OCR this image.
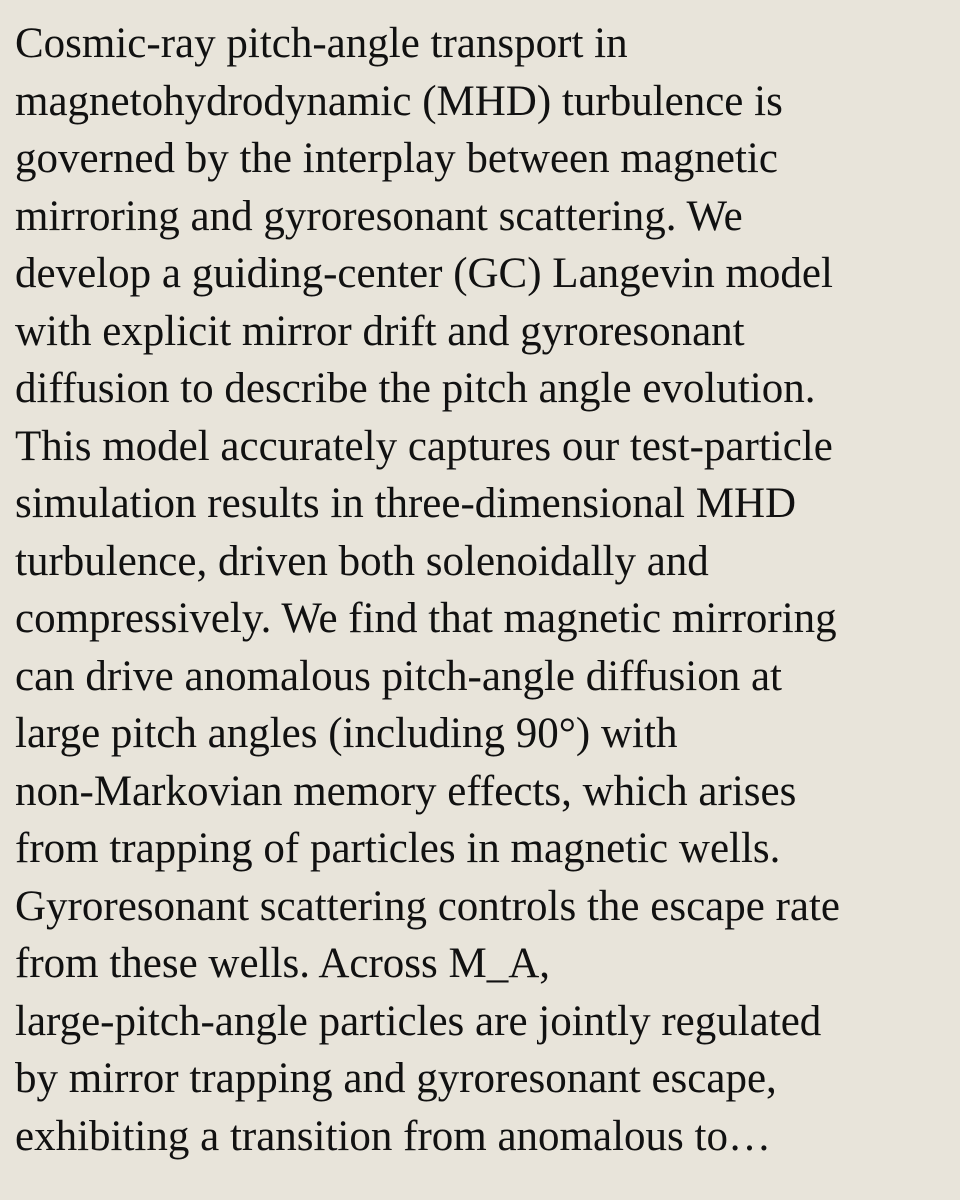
Cosmic-ray pitch-angle transport in
magnetohydrodynamic (MHD) turbulence is
governed by the interplay between magnetic
mirroring and gyroresonant scattering. We
develop a guiding-center (GC) Langevin model
with explicit mirror drift and gyroresonant
diffusion to describe the pitch angle evolution.
This model accurately captures our test-particle
simulation results in three-dimensional MHD
turbulence, driven both solenoidally and
compressively. We find that magnetic mirroring
can drive anomalous pitch-angle diffusion at
large pitch angles (including 90°) with
non-Markovian memory effects, which arises
from trapping of particles in magnetic wells.
Gyroresonant scattering controls the escape rate
from these wells. Across M_A,
large-pitch-angle particles are jointly regulated
by mirror trapping and gyroresonant escape,
exhibiting a transition from anomalous to…
